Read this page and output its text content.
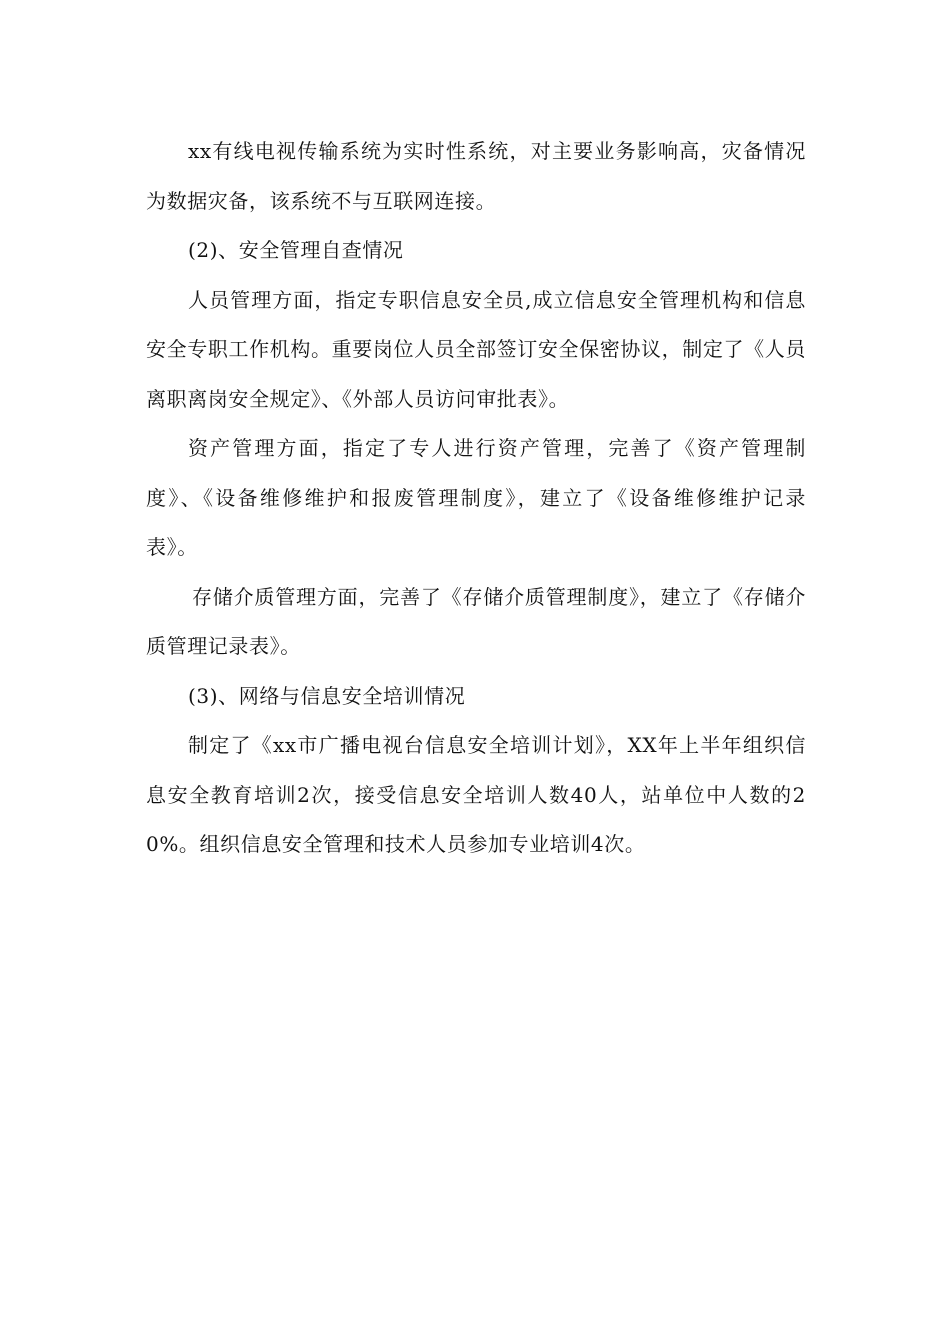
xx有线电视传输系统为实时性系统，对主要业务影响高，灾备情况为数据灾备，该系统不与互联网连接。

(2)、安全管理自查情况

人员管理方面，指定专职信息安全员,成立信息安全管理机构和信息安全专职工作机构。重要岗位人员全部签订安全保密协议，制定了《人员离职离岗安全规定》、《外部人员访问审批表》。

资产管理方面，指定了专人进行资产管理，完善了《资产管理制度》、《设备维修维护和报废管理制度》，建立了《设备维修维护记录表》。

存储介质管理方面，完善了《存储介质管理制度》，建立了《存储介质管理记录表》。

(3)、网络与信息安全培训情况

制定了《xx市广播电视台信息安全培训计划》，XX年上半年组织信息安全教育培训2次，接受信息安全培训人数40人，站单位中人数的20%。组织信息安全管理和技术人员参加专业培训4次。
